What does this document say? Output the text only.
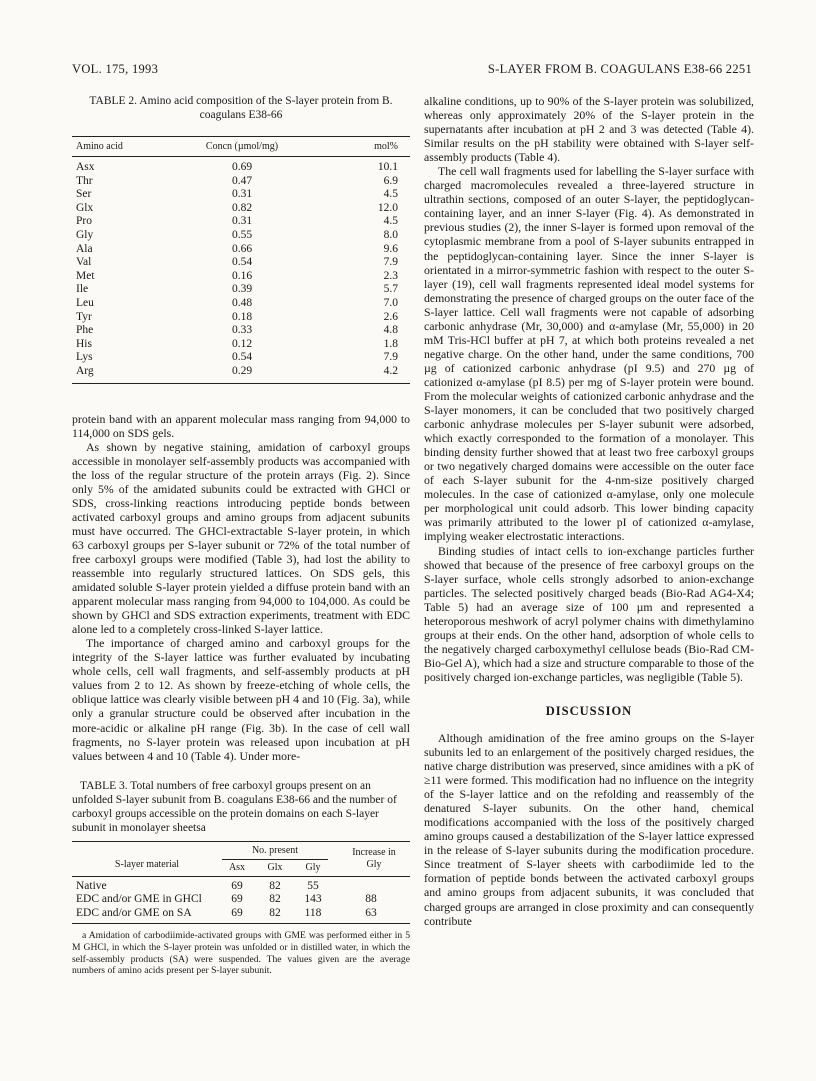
VOL. 175, 1993	S-LAYER FROM B. COAGULANS E38-66 2251
TABLE 2. Amino acid composition of the S-layer protein from B. coagulans E38-66
Amino acid	Concn (µmol/mg)	mol%
Asx	0.69	10.1
Thr	0.47	6.9
Ser	0.31	4.5
Glx	0.82	12.0
Pro	0.31	4.5
Gly	0.55	8.0
Ala	0.66	9.6
Val	0.54	7.9
Met	0.16	2.3
Ile	0.39	5.7
Leu	0.48	7.0
Tyr	0.18	2.6
Phe	0.33	4.8
His	0.12	1.8
Lys	0.54	7.9
Arg	0.29	4.2

protein band with an apparent molecular mass ranging from 94,000 to 114,000 on SDS gels.

As shown by negative staining, amidation of carboxyl groups accessible in monolayer self-assembly products was accompanied with the loss of the regular structure of the protein arrays (Fig. 2). Since only 5% of the amidated subunits could be extracted with GHCl or SDS, cross-linking reactions introducing peptide bonds between activated carboxyl groups and amino groups from adjacent subunits must have occurred. The GHCl-extractable S-layer protein, in which 63 carboxyl groups per S-layer subunit or 72% of the total number of free carboxyl groups were modified (Table 3), had lost the ability to reassemble into regularly structured lattices. On SDS gels, this amidated soluble S-layer protein yielded a diffuse protein band with an apparent molecular mass ranging from 94,000 to 104,000. As could be shown by GHCl and SDS extraction experiments, treatment with EDC alone led to a completely cross-linked S-layer lattice.

The importance of charged amino and carboxyl groups for the integrity of the S-layer lattice was further evaluated by incubating whole cells, cell wall fragments, and self-assembly products at pH values from 2 to 12. As shown by freeze-etching of whole cells, the oblique lattice was clearly visible between pH 4 and 10 (Fig. 3a), while only a granular structure could be observed after incubation in the more-acidic or alkaline pH range (Fig. 3b). In the case of cell wall fragments, no S-layer protein was released upon incubation at pH values between 4 and 10 (Table 4). Under more-

TABLE 3. Total numbers of free carboxyl groups present on an unfolded S-layer subunit from B. coagulans E38-66 and the number of carboxyl groups accessible on the protein domains on each S-layer subunit in monolayer sheetsa
S-layer material
No. present
Asx	Glx	Gly
Increase in Gly
Native	69	82	55
EDC and/or GME in GHCl	69	82	143	88
EDC and/or GME on SA	69	82	118	63

a Amidation of carbodiimide-activated groups with GME was performed either in 5 M GHCl, in which the S-layer protein was unfolded or in distilled water, in which the self-assembly products (SA) were suspended. The values given are the average numbers of amino acids present per S-layer subunit.

alkaline conditions, up to 90% of the S-layer protein was solubilized, whereas only approximately 20% of the S-layer protein in the supernatants after incubation at pH 2 and 3 was detected (Table 4). Similar results on the pH stability were obtained with S-layer self-assembly products (Table 4).

The cell wall fragments used for labelling the S-layer surface with charged macromolecules revealed a three-layered structure in ultrathin sections, composed of an outer S-layer, the peptidoglycan-containing layer, and an inner S-layer (Fig. 4). As demonstrated in previous studies (2), the inner S-layer is formed upon removal of the cytoplasmic membrane from a pool of S-layer subunits entrapped in the peptidoglycan-containing layer. Since the inner S-layer is orientated in a mirror-symmetric fashion with respect to the outer S-layer (19), cell wall fragments represented ideal model systems for demonstrating the presence of charged groups on the outer face of the S-layer lattice. Cell wall fragments were not capable of adsorbing carbonic anhydrase (Mr, 30,000) and α-amylase (Mr, 55,000) in 20 mM Tris-HCl buffer at pH 7, at which both proteins revealed a net negative charge. On the other hand, under the same conditions, 700 µg of cationized carbonic anhydrase (pI 9.5) and 270 µg of cationized α-amylase (pI 8.5) per mg of S-layer protein were bound. From the molecular weights of cationized carbonic anhydrase and the S-layer monomers, it can be concluded that two positively charged carbonic anhydrase molecules per S-layer subunit were adsorbed, which exactly corresponded to the formation of a monolayer. This binding density further showed that at least two free carboxyl groups or two negatively charged domains were accessible on the outer face of each S-layer subunit for the 4-nm-size positively charged molecules. In the case of cationized α-amylase, only one molecule per morphological unit could adsorb. This lower binding capacity was primarily attributed to the lower pI of cationized α-amylase, implying weaker electrostatic interactions.

Binding studies of intact cells to ion-exchange particles further showed that because of the presence of free carboxyl groups on the S-layer surface, whole cells strongly adsorbed to anion-exchange particles. The selected positively charged beads (Bio-Rad AG4-X4; Table 5) had an average size of 100 µm and represented a heteroporous meshwork of acryl polymer chains with dimethylamino groups at their ends. On the other hand, adsorption of whole cells to the negatively charged carboxymethyl cellulose beads (Bio-Rad CM-Bio-Gel A), which had a size and structure comparable to those of the positively charged ion-exchange particles, was negligible (Table 5).

DISCUSSION

Although amidination of the free amino groups on the S-layer subunits led to an enlargement of the positively charged residues, the native charge distribution was preserved, since amidines with a pK of ≥11 were formed. This modification had no influence on the integrity of the S-layer lattice and on the refolding and reassembly of the denatured S-layer subunits. On the other hand, chemical modifications accompanied with the loss of the positively charged amino groups caused a destabilization of the S-layer lattice expressed in the release of S-layer subunits during the modification procedure. Since treatment of S-layer sheets with carbodiimide led to the formation of peptide bonds between the activated carboxyl groups and amino groups from adjacent subunits, it was concluded that charged groups are arranged in close proximity and can consequently contribute
